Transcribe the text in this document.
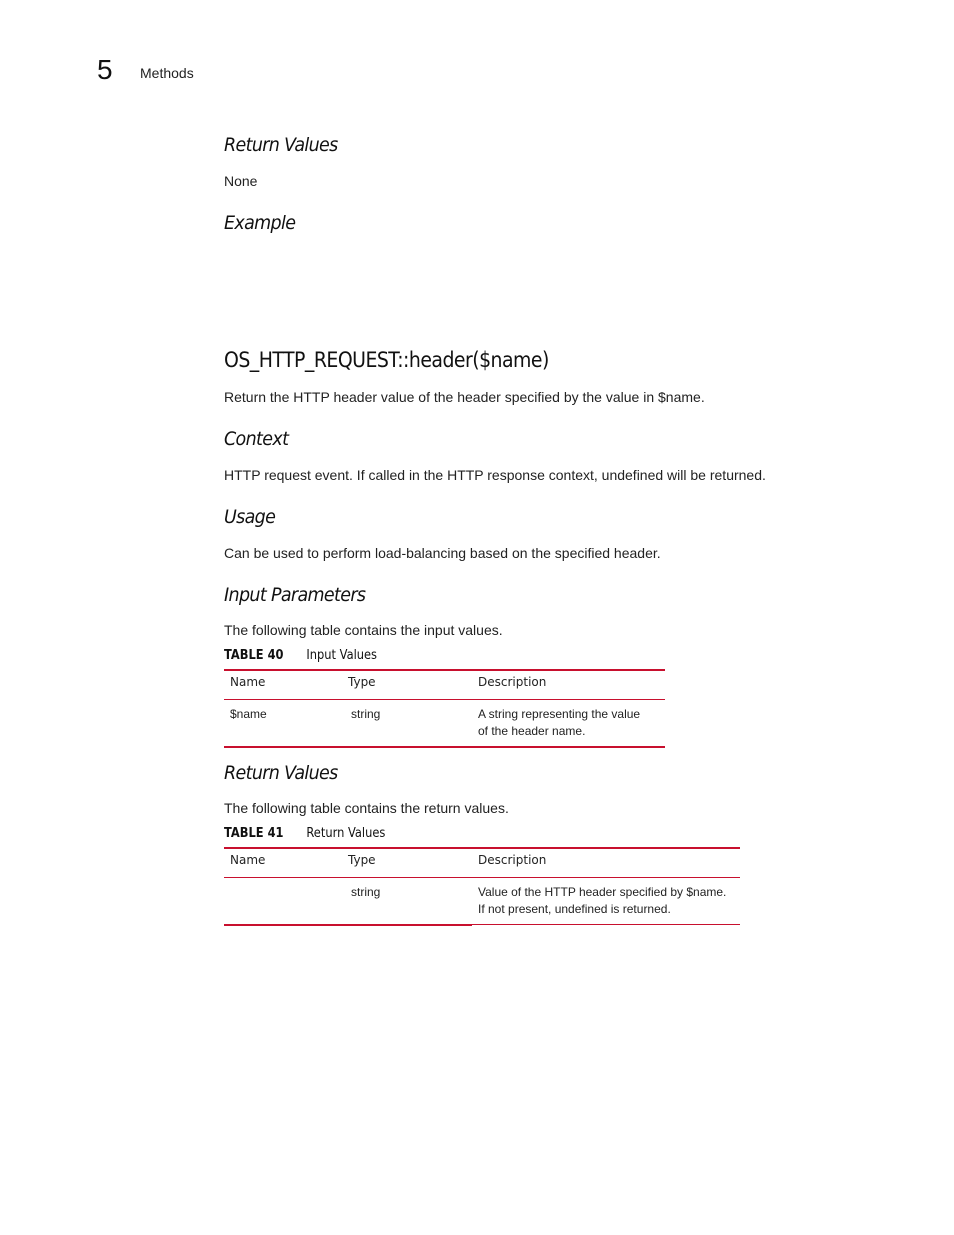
5 Methods
Return Values
None
Example
OS_HTTP_REQUEST::header($name)
Return the HTTP header value of the header specified by the value in $name.
Context
HTTP request event. If called in the HTTP response context, undefined will be returned.
Usage
Can be used to perform load-balancing based on the specified header.
Input Parameters
The following table contains the input values.
TABLE 40 Input Values
Name	Type	Description
$name	string	A string representing the value
of the header name.
Return Values
The following table contains the return values.
TABLE 41 Return Values
Name	Type	Description
	string	Value of the HTTP header specified by $name.
If not present, undefined is returned.
